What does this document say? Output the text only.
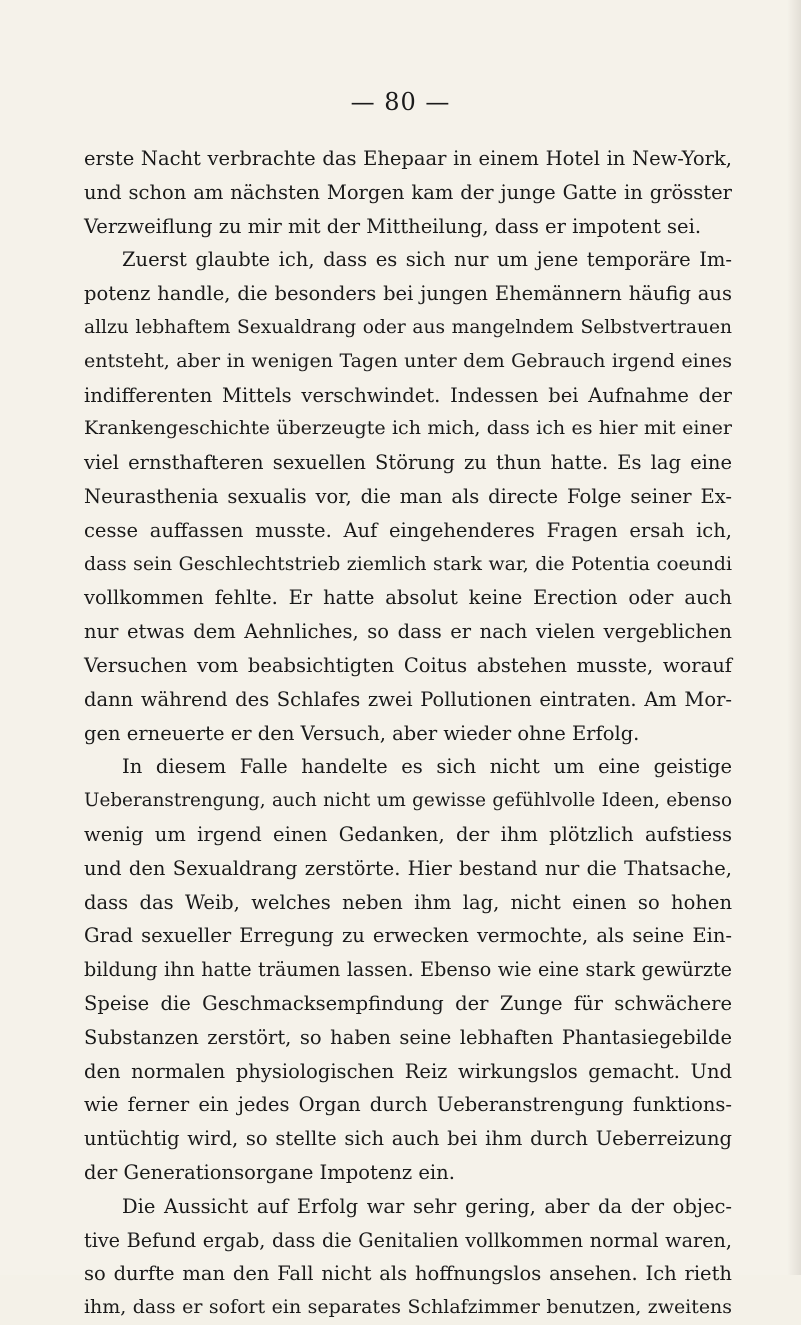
— 80 —
erste Nacht verbrachte das Ehepaar in einem Hotel in New-York,
und schon am nächsten Morgen kam der junge Gatte in grösster
Verzweiflung zu mir mit der Mittheilung, dass er impotent sei.
Zuerst glaubte ich, dass es sich nur um jene temporäre Im-
potenz handle, die besonders bei jungen Ehemännern häufig aus
allzu lebhaftem Sexualdrang oder aus mangelndem Selbstvertrauen
entsteht, aber in wenigen Tagen unter dem Gebrauch irgend eines
indifferenten Mittels verschwindet. Indessen bei Aufnahme der
Krankengeschichte überzeugte ich mich, dass ich es hier mit einer
viel ernsthafteren sexuellen Störung zu thun hatte. Es lag eine
Neurasthenia sexualis vor, die man als directe Folge seiner Ex-
cesse auffassen musste. Auf eingehenderes Fragen ersah ich,
dass sein Geschlechtstrieb ziemlich stark war, die Potentia coeundi
vollkommen fehlte. Er hatte absolut keine Erection oder auch
nur etwas dem Aehnliches, so dass er nach vielen vergeblichen
Versuchen vom beabsichtigten Coitus abstehen musste, worauf
dann während des Schlafes zwei Pollutionen eintraten. Am Mor-
gen erneuerte er den Versuch, aber wieder ohne Erfolg.
In diesem Falle handelte es sich nicht um eine geistige
Ueberanstrengung, auch nicht um gewisse gefühlvolle Ideen, ebenso
wenig um irgend einen Gedanken, der ihm plötzlich aufstiess
und den Sexualdrang zerstörte. Hier bestand nur die Thatsache,
dass das Weib, welches neben ihm lag, nicht einen so hohen
Grad sexueller Erregung zu erwecken vermochte, als seine Ein-
bildung ihn hatte träumen lassen. Ebenso wie eine stark gewürzte
Speise die Geschmacksempfindung der Zunge für schwächere
Substanzen zerstört, so haben seine lebhaften Phantasiegebilde
den normalen physiologischen Reiz wirkungslos gemacht. Und
wie ferner ein jedes Organ durch Ueberanstrengung funktions-
untüchtig wird, so stellte sich auch bei ihm durch Ueberreizung
der Generationsorgane Impotenz ein.
Die Aussicht auf Erfolg war sehr gering, aber da der objec-
tive Befund ergab, dass die Genitalien vollkommen normal waren,
so durfte man den Fall nicht als hoffnungslos ansehen. Ich rieth
ihm, dass er sofort ein separates Schlafzimmer benutzen, zweitens
